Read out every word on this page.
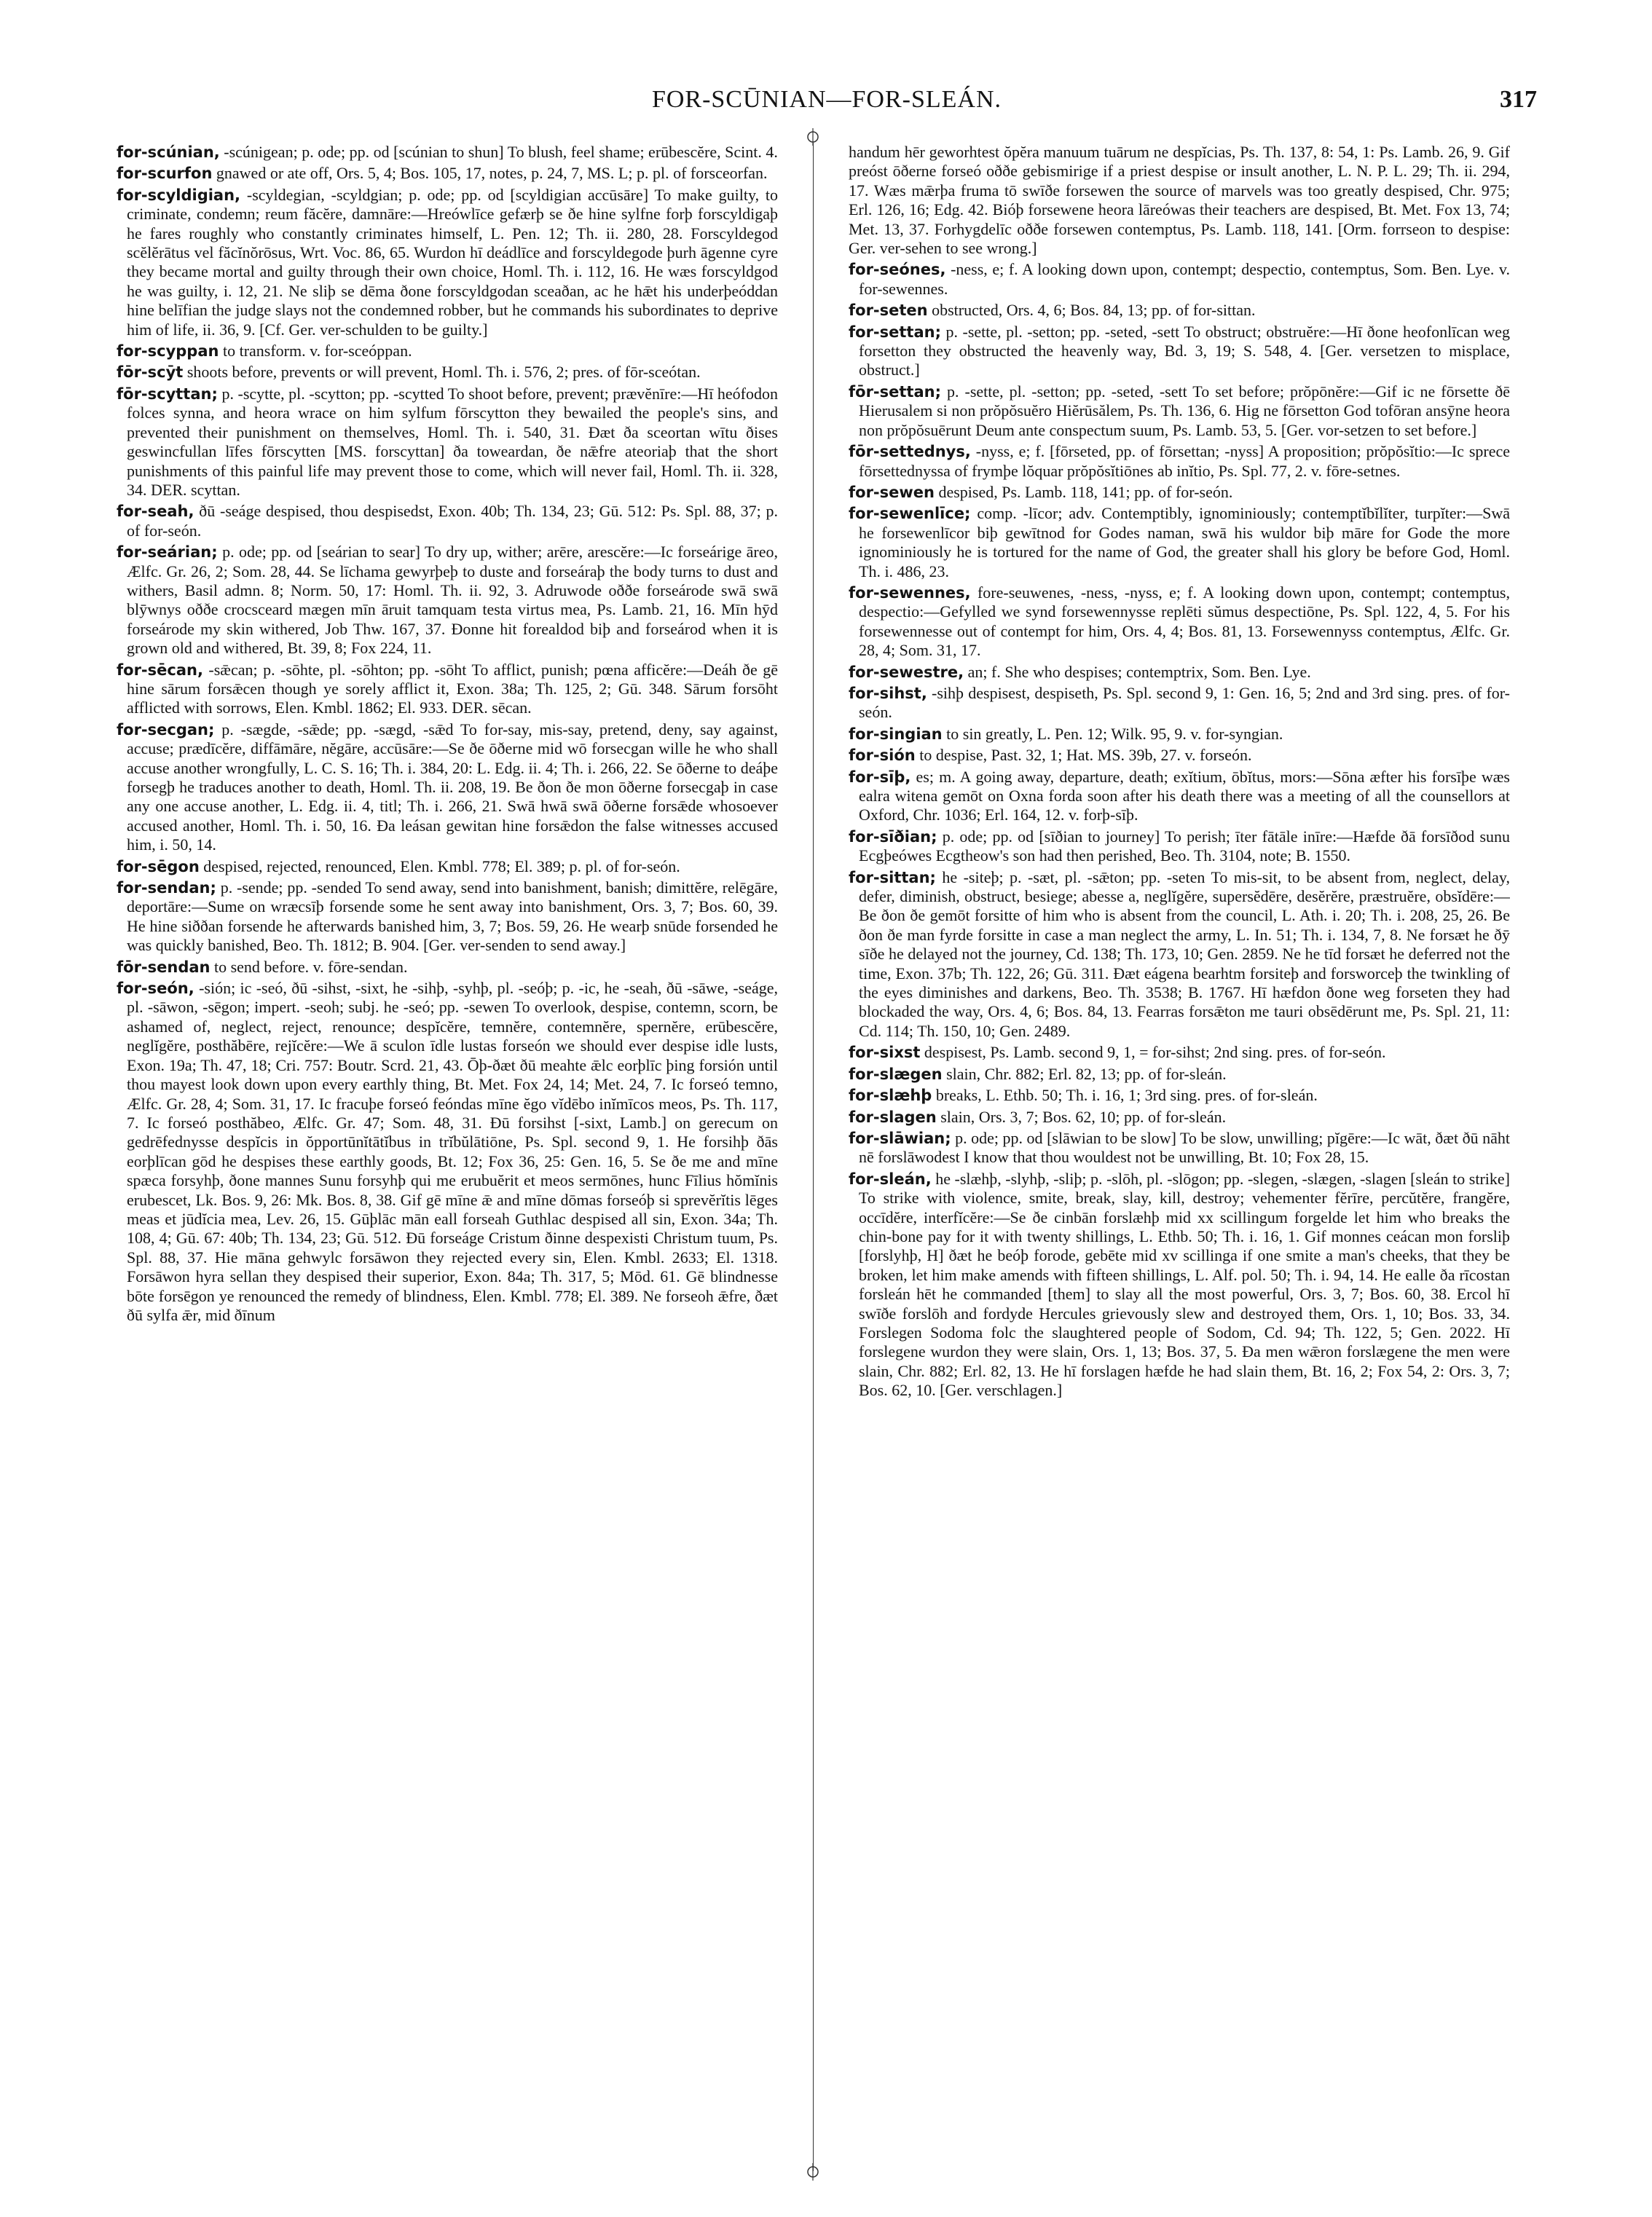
FOR-SCŪNIAN—FOR-SLEÁN.	317

for-scúnian, -scúnigean; p. ode; pp. od [scúnian to shun] To blush, feel shame; erūbescĕre, Scint. 4.

for-scurfon gnawed or ate off, Ors. 5, 4; Bos. 105, 17, notes, p. 24, 7, MS. L; p. pl. of forsceorfan.

for-scyldigian, -scyldegian, -scyldgian; p. ode; pp. od [scyldigian accūsāre] To make guilty, to criminate, condemn; reum făcĕre, damnāre:—Hreówlīce gefærþ se ðe hine sylfne forþ forscyldigaþ he fares roughly who constantly criminates himself, L. Pen. 12; Th. ii. 280, 28. Forscyldegod scĕlĕrātus vel făcĭnŏrōsus, Wrt. Voc. 86, 65. Wurdon hī deádlīce and forscyldegode þurh āgenne cyre they became mortal and guilty through their own choice, Homl. Th. i. 112, 16. He wæs forscyldgod he was guilty, i. 12, 21. Ne sliþ se dēma ðone forscyldgodan sceaðan, ac he hǣt his underþeóddan hine belīfian the judge slays not the condemned robber, but he commands his subordinates to deprive him of life, ii. 36, 9. [Cf. Ger. ver-schulden to be guilty.]

for-scyppan to transform. v. for-sceóppan.

fōr-scȳt shoots before, prevents or will prevent, Homl. Th. i. 576, 2; pres. of fōr-sceótan.

fōr-scyttan; p. -scytte, pl. -scytton; pp. -scytted To shoot before, prevent; prævĕnīre:—Hī heófodon folces synna, and heora wrace on him sylfum fōrscytton they bewailed the people's sins, and prevented their punishment on themselves, Homl. Th. i. 540, 31. Ðæt ða sceortan wītu ðises geswincfullan līfes fōrscytten [MS. forscyttan] ða toweardan, ðe nǣfre ateoriaþ that the short punishments of this painful life may prevent those to come, which will never fail, Homl. Th. ii. 328, 34. DER. scyttan.

for-seah, ðū -seáge despised, thou despisedst, Exon. 40b; Th. 134, 23; Gū. 512: Ps. Spl. 88, 37; p. of for-seón.

for-seárian; p. ode; pp. od [seárian to sear] To dry up, wither; arēre, arescĕre:—Ic forseárige āreo, Ælfc. Gr. 26, 2; Som. 28, 44. Se līchama gewyrþeþ to duste and forseáraþ the body turns to dust and withers, Basil admn. 8; Norm. 50, 17: Homl. Th. ii. 92, 3. Adruwode oððe forseárode swā swā blȳwnys oððe crocsceard mægen mīn āruit tamquam testa virtus mea, Ps. Lamb. 21, 16. Mīn hȳd forseárode my skin withered, Job Thw. 167, 37. Ðonne hit forealdod biþ and forseárod when it is grown old and withered, Bt. 39, 8; Fox 224, 11.

for-sēcan, -sǣcan; p. -sōhte, pl. -sōhton; pp. -sōht To afflict, punish; pœna afficĕre:—Deáh ðe gē hine sārum forsǣcen though ye sorely afflict it, Exon. 38a; Th. 125, 2; Gū. 348. Sārum forsōht afflicted with sorrows, Elen. Kmbl. 1862; El. 933. DER. sēcan.

for-secgan; p. -sægde, -sǣde; pp. -sægd, -sǣd To for-say, mis-say, pretend, deny, say against, accuse; prædīcĕre, diffāmāre, nĕgāre, accūsāre:—Se ðe ōðerne mid wō forsecgan wille he who shall accuse another wrongfully, L. C. S. 16; Th. i. 384, 20: L. Edg. ii. 4; Th. i. 266, 22. Se ōðerne to deáþe forsegþ he traduces another to death, Homl. Th. ii. 208, 19. Be ðon ðe mon ōðerne forsecgaþ in case any one accuse another, L. Edg. ii. 4, titl; Th. i. 266, 21. Swā hwā swā ōðerne forsǣde whosoever accused another, Homl. Th. i. 50, 16. Ða leásan gewitan hine forsǣdon the false witnesses accused him, i. 50, 14.

for-sēgon despised, rejected, renounced, Elen. Kmbl. 778; El. 389; p. pl. of for-seón.

for-sendan; p. -sende; pp. -sended To send away, send into banishment, banish; dimittĕre, relēgāre, deportāre:—Sume on wræcsīþ forsende some he sent away into banishment, Ors. 3, 7; Bos. 60, 39. He hine siððan forsende he afterwards banished him, 3, 7; Bos. 59, 26. He wearþ snūde forsended he was quickly banished, Beo. Th. 1812; B. 904. [Ger. ver-senden to send away.]

fōr-sendan to send before. v. fōre-sendan.

for-seón, -sión; ic -seó, ðū -sihst, -sixt, he -sihþ, -syhþ, pl. -seóþ; p. -ic, he -seah, ðū -sāwe, -seáge, pl. -sāwon, -sēgon; impert. -seoh; subj. he -seó; pp. -sewen To overlook, despise, contemn, scorn, be ashamed of, neglect, reject, renounce; despĭcĕre, temnĕre, contemnĕre, spernĕre, erūbescĕre, neglĭgĕre, posthăbēre, rejĭcĕre:—We ā sculon īdle lustas forseón we should ever despise idle lusts, Exon. 19a; Th. 47, 18; Cri. 757: Boutr. Scrd. 21, 43. Ōþ-ðæt ðū meahte ǣlc eorþlīc þing forsión until thou mayest look down upon every earthly thing, Bt. Met. Fox 24, 14; Met. 24, 7. Ic forseó temno, Ælfc. Gr. 28, 4; Som. 31, 17. Ic fracuþe forseó feóndas mīne ĕgo vĭdēbo inĭmīcos meos, Ps. Th. 117, 7. Ic forseó posthăbeo, Ælfc. Gr. 47; Som. 48, 31. Ðū forsihst [-sixt, Lamb.] on gerecum on gedrēfednysse despĭcis in ŏpportūnĭtātĭbus in trĭbŭlātiōne, Ps. Spl. second 9, 1. He forsihþ ðās eorþlīcan gōd he despises these earthly goods, Bt. 12; Fox 36, 25: Gen. 16, 5. Se ðe me and mīne spæca forsyhþ, ðone mannes Sunu forsyhþ qui me erubuĕrit et meos sermōnes, hunc Fīlius hŏmĭnis erubescet, Lk. Bos. 9, 26: Mk. Bos. 8, 38. Gif gē mīne ǣ and mīne dōmas forseóþ si sprevĕrĭtis lēges meas et jūdĭcia mea, Lev. 26, 15. Gūþlāc mān eall forseah Guthlac despised all sin, Exon. 34a; Th. 108, 4; Gū. 67: 40b; Th. 134, 23; Gū. 512. Ðū forseáge Cristum ðinne despexisti Christum tuum, Ps. Spl. 88, 37. Hie māna gehwylc forsāwon they rejected every sin, Elen. Kmbl. 2633; El. 1318. Forsāwon hyra sellan they despised their superior, Exon. 84a; Th. 317, 5; Mōd. 61. Gē blindnesse bōte forsēgon ye renounced the remedy of blindness, Elen. Kmbl. 778; El. 389. Ne forseoh ǣfre, ðæt ðū sylfa ǣr, mid ðīnum

handum hēr geworhtest ŏpĕra manuum tuārum ne despĭcias, Ps. Th. 137, 8: 54, 1: Ps. Lamb. 26, 9. Gif preóst ōðerne forseó oððe gebismirige if a priest despise or insult another, L. N. P. L. 29; Th. ii. 294, 17. Wæs mǣrþa fruma tō swīðe forsewen the source of marvels was too greatly despised, Chr. 975; Erl. 126, 16; Edg. 42. Bióþ forsewene heora lāreówas their teachers are despised, Bt. Met. Fox 13, 74; Met. 13, 37. Forhygdelīc oððe forsewen contemptus, Ps. Lamb. 118, 141. [Orm. forrseon to despise: Ger. ver-sehen to see wrong.]

for-seónes, -ness, e; f. A looking down upon, contempt; despectio, contemptus, Som. Ben. Lye. v. for-sewennes.

for-seten obstructed, Ors. 4, 6; Bos. 84, 13; pp. of for-sittan.

for-settan; p. -sette, pl. -setton; pp. -seted, -sett To obstruct; obstruĕre:—Hī ðone heofonlīcan weg forsetton they obstructed the heavenly way, Bd. 3, 19; S. 548, 4. [Ger. versetzen to misplace, obstruct.]

fōr-settan; p. -sette, pl. -setton; pp. -seted, -sett To set before; prŏpōnĕre:—Gif ic ne fōrsette ðē Hierusalem si non prŏpŏsuĕro Hiĕrūsălem, Ps. Th. 136, 6. Hig ne fōrsetton God tofōran ansȳne heora non prŏpŏsuērunt Deum ante conspectum suum, Ps. Lamb. 53, 5. [Ger. vor-setzen to set before.]

fōr-settednys, -nyss, e; f. [fōrseted, pp. of fōrsettan; -nyss] A proposition; prŏpŏsĭtio:—Ic sprece fōrsettednyssa of frymþe lŏquar prŏpŏsĭtiōnes ab inĭtio, Ps. Spl. 77, 2. v. fōre-setnes.

for-sewen despised, Ps. Lamb. 118, 141; pp. of for-seón.

for-sewenlīce; comp. -līcor; adv. Contemptibly, ignominiously; contemptĭbĭlĭter, turpĭter:—Swā he forsewenlīcor biþ gewītnod for Godes naman, swā his wuldor biþ māre for Gode the more ignominiously he is tortured for the name of God, the greater shall his glory be before God, Homl. Th. i. 486, 23.

for-sewennes, fore-seuwenes, -ness, -nyss, e; f. A looking down upon, contempt; contemptus, despectio:—Gefylled we synd forsewennysse replēti sŭmus despectiōne, Ps. Spl. 122, 4, 5. For his forsewennesse out of contempt for him, Ors. 4, 4; Bos. 81, 13. Forsewennyss contemptus, Ælfc. Gr. 28, 4; Som. 31, 17.

for-sewestre, an; f. She who despises; contemptrix, Som. Ben. Lye.

for-sihst, -sihþ despisest, despiseth, Ps. Spl. second 9, 1: Gen. 16, 5; 2nd and 3rd sing. pres. of for-seón.

for-singian to sin greatly, L. Pen. 12; Wilk. 95, 9. v. for-syngian.

for-sión to despise, Past. 32, 1; Hat. MS. 39b, 27. v. forseón.

for-sīþ, es; m. A going away, departure, death; exĭtium, ōbĭtus, mors:—Sōna æfter his forsīþe wæs ealra witena gemōt on Oxna forda soon after his death there was a meeting of all the counsellors at Oxford, Chr. 1036; Erl. 164, 12. v. forþ-sīþ.

for-sīðian; p. ode; pp. od [sīðian to journey] To perish; īter fātāle inīre:—Hæfde ðā forsīðod sunu Ecgþeówes Ecgtheow's son had then perished, Beo. Th. 3104, note; B. 1550.

for-sittan; he -siteþ; p. -sæt, pl. -sǣton; pp. -seten To mis-sit, to be absent from, neglect, delay, defer, diminish, obstruct, besiege; abesse a, neglĭgĕre, supersĕdēre, desĕrĕre, præstruĕre, obsĭdēre:—Be ðon ðe gemōt forsitte of him who is absent from the council, L. Ath. i. 20; Th. i. 208, 25, 26. Be ðon ðe man fyrde forsitte in case a man neglect the army, L. In. 51; Th. i. 134, 7, 8. Ne forsæt he ðȳ sīðe he delayed not the journey, Cd. 138; Th. 173, 10; Gen. 2859. Ne he tīd forsæt he deferred not the time, Exon. 37b; Th. 122, 26; Gū. 311. Ðæt eágena bearhtm forsiteþ and forsworceþ the twinkling of the eyes diminishes and darkens, Beo. Th. 3538; B. 1767. Hī hæfdon ðone weg forseten they had blockaded the way, Ors. 4, 6; Bos. 84, 13. Fearras forsǣton me tauri obsēdērunt me, Ps. Spl. 21, 11: Cd. 114; Th. 150, 10; Gen. 2489.

for-sixst despisest, Ps. Lamb. second 9, 1, = for-sihst; 2nd sing. pres. of for-seón.

for-slægen slain, Chr. 882; Erl. 82, 13; pp. of for-sleán.

for-slæhþ breaks, L. Ethb. 50; Th. i. 16, 1; 3rd sing. pres. of for-sleán.

for-slagen slain, Ors. 3, 7; Bos. 62, 10; pp. of for-sleán.

for-slāwian; p. ode; pp. od [slāwian to be slow] To be slow, unwilling; pĭgēre:—Ic wāt, ðæt ðū nāht nē forslāwodest I know that thou wouldest not be unwilling, Bt. 10; Fox 28, 15.

for-sleán, he -slæhþ, -slyhþ, -sliþ; p. -slōh, pl. -slōgon; pp. -slegen, -slægen, -slagen [sleán to strike] To strike with violence, smite, break, slay, kill, destroy; vehementer fĕrīre, percŭtĕre, frangĕre, occīdĕre, interfĭcĕre:—Se ðe cinbān forslæhþ mid xx scillingum forgelde let him who breaks the chin-bone pay for it with twenty shillings, L. Ethb. 50; Th. i. 16, 1. Gif monnes ceácan mon forsliþ [forslyhþ, H] ðæt he beóþ forode, gebēte mid xv scillinga if one smite a man's cheeks, that they be broken, let him make amends with fifteen shillings, L. Alf. pol. 50; Th. i. 94, 14. He ealle ða rīcostan forsleán hēt he commanded [them] to slay all the most powerful, Ors. 3, 7; Bos. 60, 38. Ercol hī swīðe forslōh and fordyde Hercules grievously slew and destroyed them, Ors. 1, 10; Bos. 33, 34. Forslegen Sodoma folc the slaughtered people of Sodom, Cd. 94; Th. 122, 5; Gen. 2022. Hī forslegene wurdon they were slain, Ors. 1, 13; Bos. 37, 5. Ða men wǣron forslægene the men were slain, Chr. 882; Erl. 82, 13. He hī forslagen hæfde he had slain them, Bt. 16, 2; Fox 54, 2: Ors. 3, 7; Bos. 62, 10. [Ger. verschlagen.]
